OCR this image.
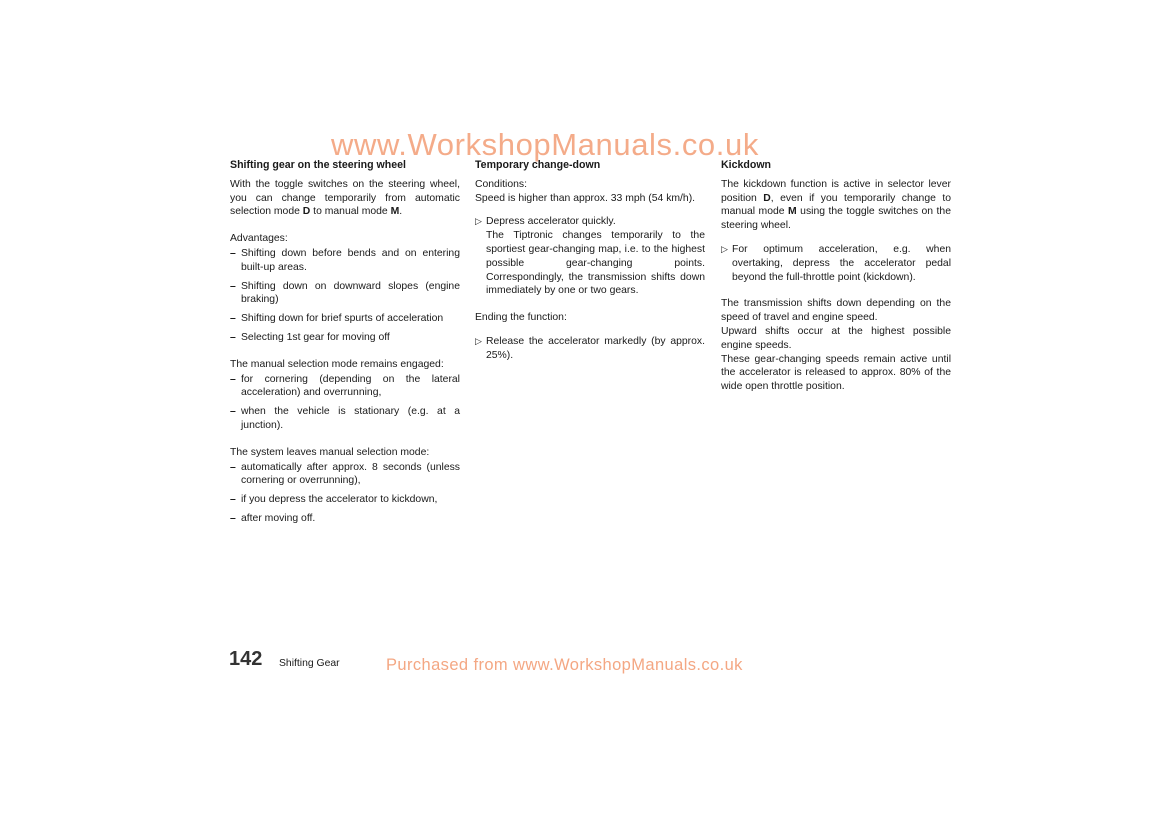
www.WorkshopManuals.co.uk
Shifting gear on the steering wheel

With the toggle switches on the steering wheel, you can change temporarily from automatic selection mode D to manual mode M.

Advantages:

– Shifting down before bends and on entering built-up areas.
– Shifting down on downward slopes (engine braking)
– Shifting down for brief spurts of acceleration
– Selecting 1st gear for moving off

The manual selection mode remains engaged:

– for cornering (depending on the lateral acceleration) and overrunning,
– when the vehicle is stationary (e.g. at a junction).

The system leaves manual selection mode:

– automatically after approx. 8 seconds (unless cornering or overrunning),
– if you depress the accelerator to kickdown,
– after moving off.
Temporary change-down

Conditions:

Speed is higher than approx. 33 mph (54 km/h).

▷ Depress accelerator quickly.
The Tiptronic changes temporarily to the sportiest gear-changing map, i.e. to the highest possible gear-changing points. Correspondingly, the transmission shifts down immediately by one or two gears.

Ending the function:

▷ Release the accelerator markedly (by approx. 25%).
Kickdown

The kickdown function is active in selector lever position D, even if you temporarily change to manual mode M using the toggle switches on the steering wheel.

▷ For optimum acceleration, e.g. when overtaking, depress the accelerator pedal beyond the full-throttle point (kickdown).

The transmission shifts down depending on the speed of travel and engine speed.

Upward shifts occur at the highest possible engine speeds.

These gear-changing speeds remain active until the accelerator is released to approx. 80% of the wide open throttle position.

142 Shifting Gear	Purchased from www.WorkshopManuals.co.uk
